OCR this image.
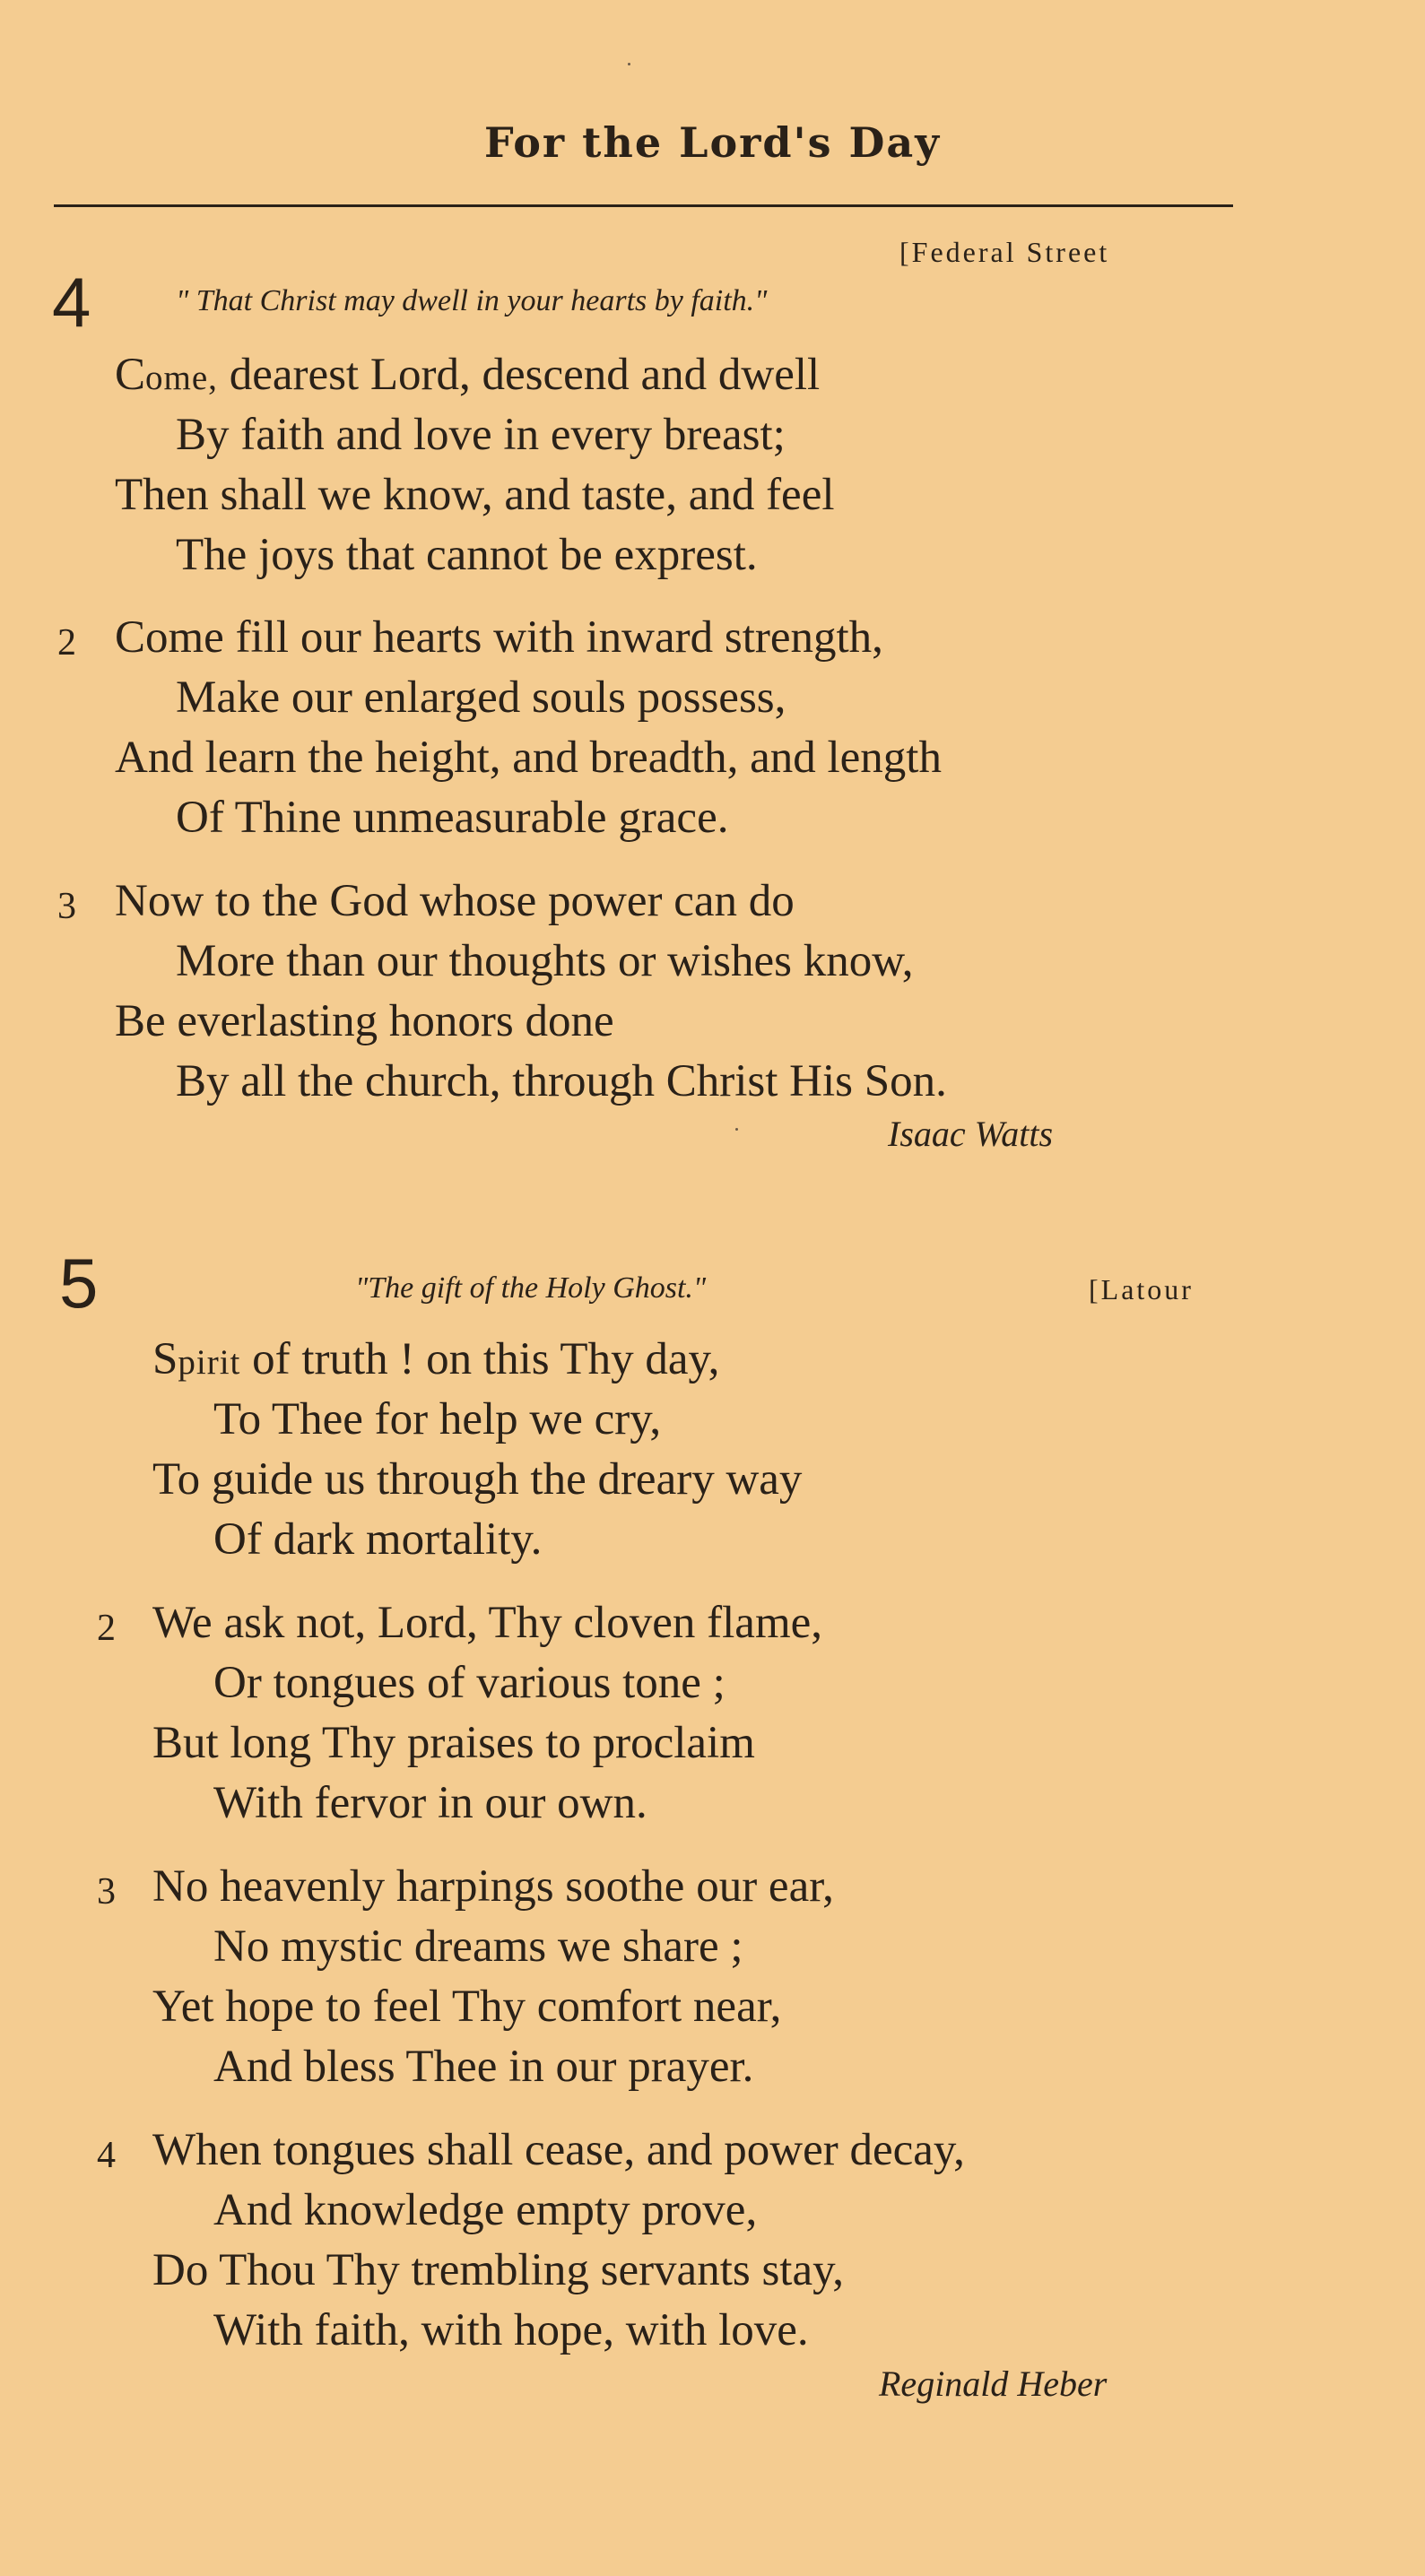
For the Lord's Day
4
[Federal Street
" That Christ may dwell in your hearts by faith."
Come, dearest Lord, descend and dwell
By faith and love in every breast;
Then shall we know, and taste, and feel
The joys that cannot be exprest.
2 Come fill our hearts with inward strength,
Make our enlarged souls possess,
And learn the height, and breadth, and length
Of Thine unmeasurable grace.
3 Now to the God whose power can do
More than our thoughts or wishes know,
Be everlasting honors done
By all the church, through Christ His Son.
Isaac Watts
5	"The gift of the Holy Ghost."	[Latour
Spirit of truth ! on this Thy day,
To Thee for help we cry,
To guide us through the dreary way
Of dark mortality.
2 We ask not, Lord, Thy cloven flame,
Or tongues of various tone ;
But long Thy praises to proclaim
With fervor in our own.
3 No heavenly harpings soothe our ear,
No mystic dreams we share ;
Yet hope to feel Thy comfort near,
And bless Thee in our prayer.
4 When tongues shall cease, and power decay,
And knowledge empty prove,
Do Thou Thy trembling servants stay,
With faith, with hope, with love.
Reginald Heber
